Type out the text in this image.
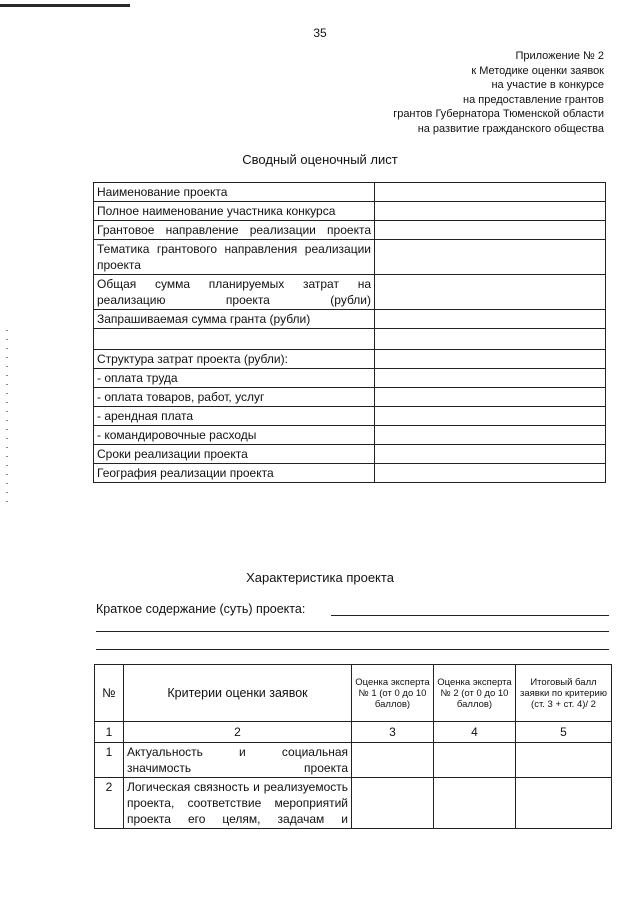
35
Приложение № 2
к Методике оценки заявок
на участие в конкурсе
на предоставление грантов
грантов Губернатора Тюменской области
на развитие гражданского общества
Сводный оценочный лист
Наименование проекта	
Полное наименование участника конкурса	
Грантовое направление реализации проекта	
Тематика грантового направления реализации проекта	
Общая сумма планируемых затрат на реализацию проекта (рубли)	
Запрашиваемая сумма гранта (рубли)	

Структура затрат проекта (рубли):	
- оплата труда	
- оплата товаров, работ, услуг	
- арендная плата	
- командировочные расходы	
Сроки реализации проекта	
География реализации проекта	
Характеристика проекта
Краткое содержание (суть) проекта:
№	Критерии оценки заявок	Оценка эксперта № 1 (от 0 до 10 баллов)	Оценка эксперта № 2 (от 0 до 10 баллов)	Итоговый балл заявки по критерию (ст. 3 + ст. 4)/ 2
1	2	3	4	5
1	Актуальность и социальная значимость проекта			
2	Логическая связность и реализуемость проекта, соответствие мероприятий проекта его целям, задачам и			
